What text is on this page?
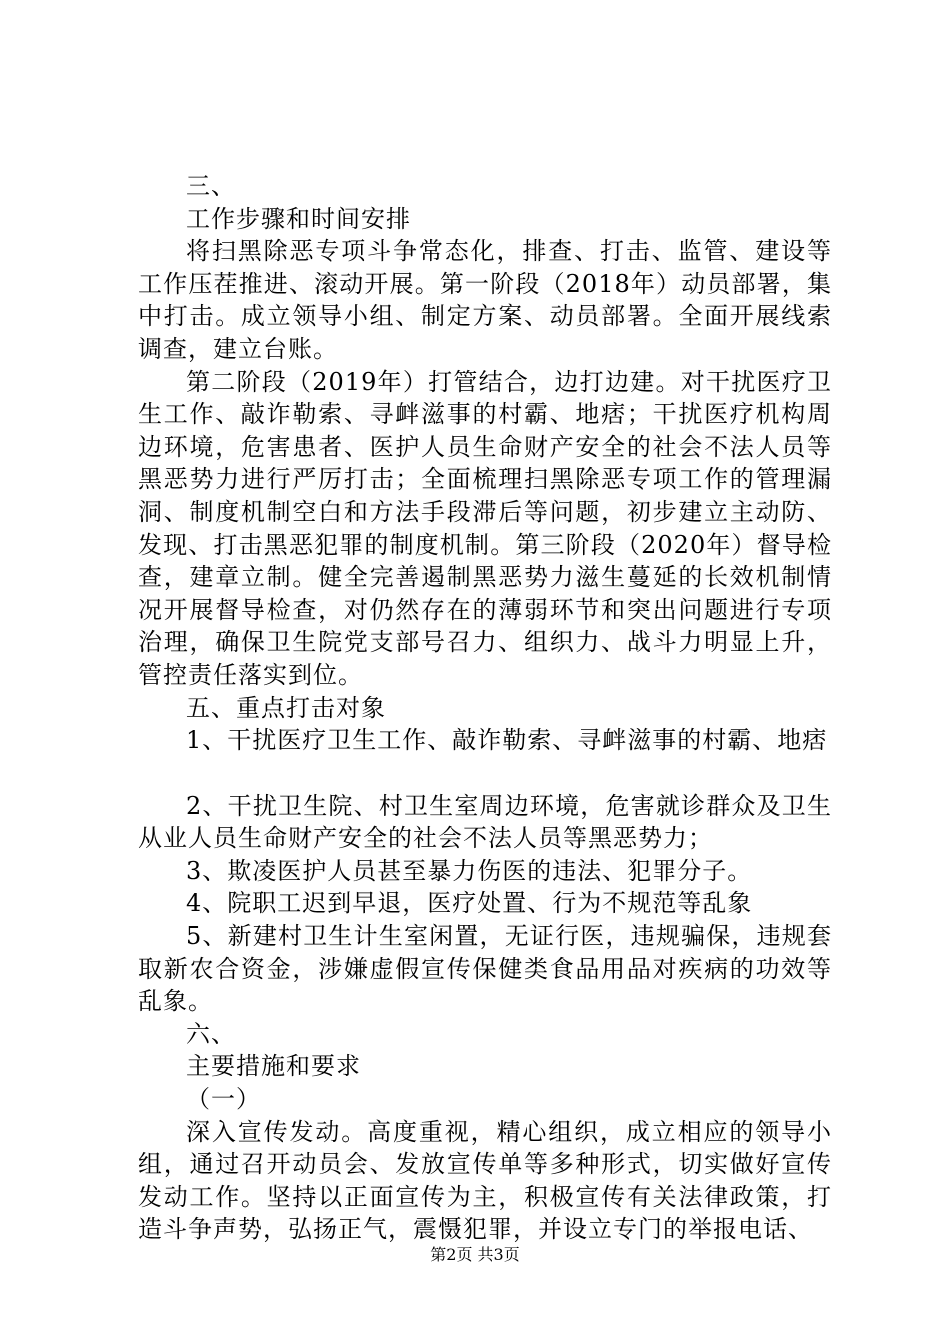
三、

工作步骤和时间安排

将扫黑除恶专项斗争常态化，排查、打击、监管、建设等工作压茬推进、滚动开展。第一阶段（2018年）动员部署，集中打击。成立领导小组、制定方案、动员部署。全面开展线索调查，建立台账。

第二阶段（2019年）打管结合，边打边建。对干扰医疗卫生工作、敲诈勒索、寻衅滋事的村霸、地痞；干扰医疗机构周边环境，危害患者、医护人员生命财产安全的社会不法人员等黑恶势力进行严厉打击；全面梳理扫黑除恶专项工作的管理漏洞、制度机制空白和方法手段滞后等问题，初步建立主动防、发现、打击黑恶犯罪的制度机制。第三阶段（2020年）督导检查，建章立制。健全完善遏制黑恶势力滋生蔓延的长效机制情况开展督导检查，对仍然存在的薄弱环节和突出问题进行专项治理，确保卫生院党支部号召力、组织力、战斗力明显上升，管控责任落实到位。

五、重点打击对象

1、干扰医疗卫生工作、敲诈勒索、寻衅滋事的村霸、地痞

2、干扰卫生院、村卫生室周边环境，危害就诊群众及卫生从业人员生命财产安全的社会不法人员等黑恶势力；

3、欺凌医护人员甚至暴力伤医的违法、犯罪分子。

4、院职工迟到早退，医疗处置、行为不规范等乱象

5、新建村卫生计生室闲置，无证行医，违规骗保，违规套取新农合资金，涉嫌虚假宣传保健类食品用品对疾病的功效等乱象。

六、

主要措施和要求

（一）

深入宣传发动。高度重视，精心组织，成立相应的领导小组，通过召开动员会、发放宣传单等多种形式，切实做好宣传发动工作。坚持以正面宣传为主，积极宣传有关法律政策，打造斗争声势，弘扬正气，震慑犯罪，并设立专门的举报电话、

第2页 共3页
